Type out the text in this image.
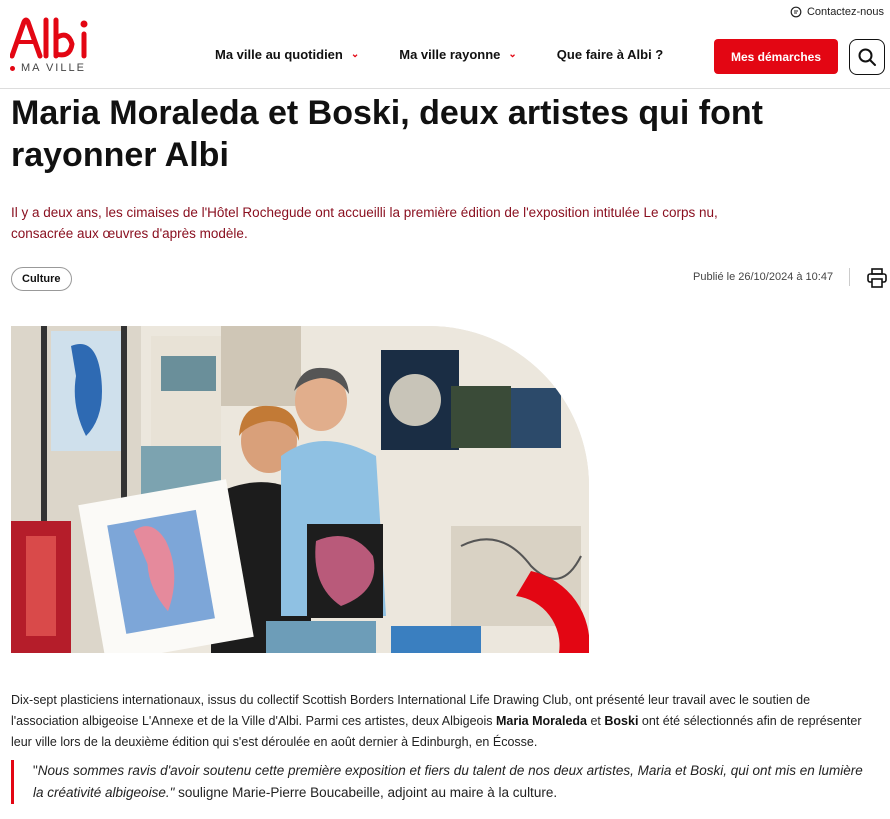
Contactez-nous
MA VILLE
Ma ville au quotidien ⌄	Ma ville rayonne ⌄	Que faire à Albi ?	Mes démarches
Maria Moraleda et Boski, deux artistes qui font rayonner Albi

Il y a deux ans, les cimaises de l'Hôtel Rochegude ont accueilli la première édition de l'exposition intitulée Le corps nu, consacrée aux œuvres d'après modèle.

Culture	Publié le 26/10/2024 à 10:47

Dix-sept plasticiens internationaux, issus du collectif Scottish Borders International Life Drawing Club, ont présenté leur travail avec le soutien de l'association albigeoise L'Annexe et de la Ville d'Albi. Parmi ces artistes, deux Albigeois Maria Moraleda et Boski ont été sélectionnés afin de représenter leur ville lors de la deuxième édition qui s'est déroulée en août dernier à Edinburgh, en Écosse.

"Nous sommes ravis d'avoir soutenu cette première exposition et fiers du talent de nos deux artistes, Maria et Boski, qui ont mis en lumière la créativité albigeoise." souligne Marie-Pierre Boucabeille, adjoint au maire à la culture.
